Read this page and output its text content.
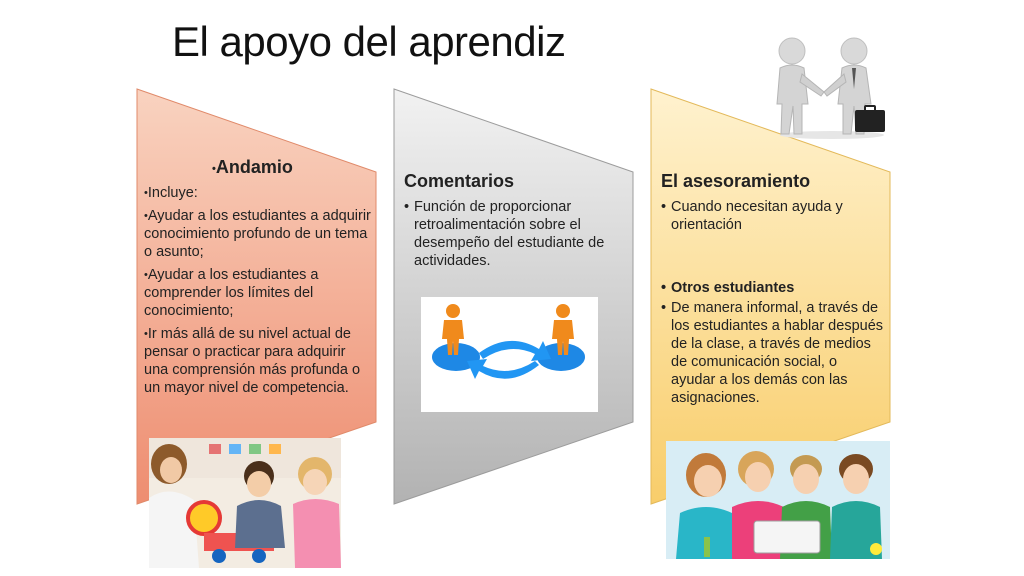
El apoyo del aprendiz
•Andamio

• Incluye:

• Ayudar a los estudiantes a adquirir conocimiento profundo de un tema o asunto;

• Ayudar a los estudiantes a comprender los límites del conocimiento;

• Ir más allá de su nivel actual de pensar o practicar para adquirir una comprensión más profunda o un mayor nivel de competencia.

Comentarios
• Función de proporcionar retroalimentación sobre el desempeño del estudiante de actividades.
El asesoramiento
• Cuando necesitan ayuda y orientación
• Otros estudiantes
• De manera informal, a través de los estudiantes a hablar después de la clase, a través de medios de comunicación social, o ayudar a los demás con las asignaciones.
